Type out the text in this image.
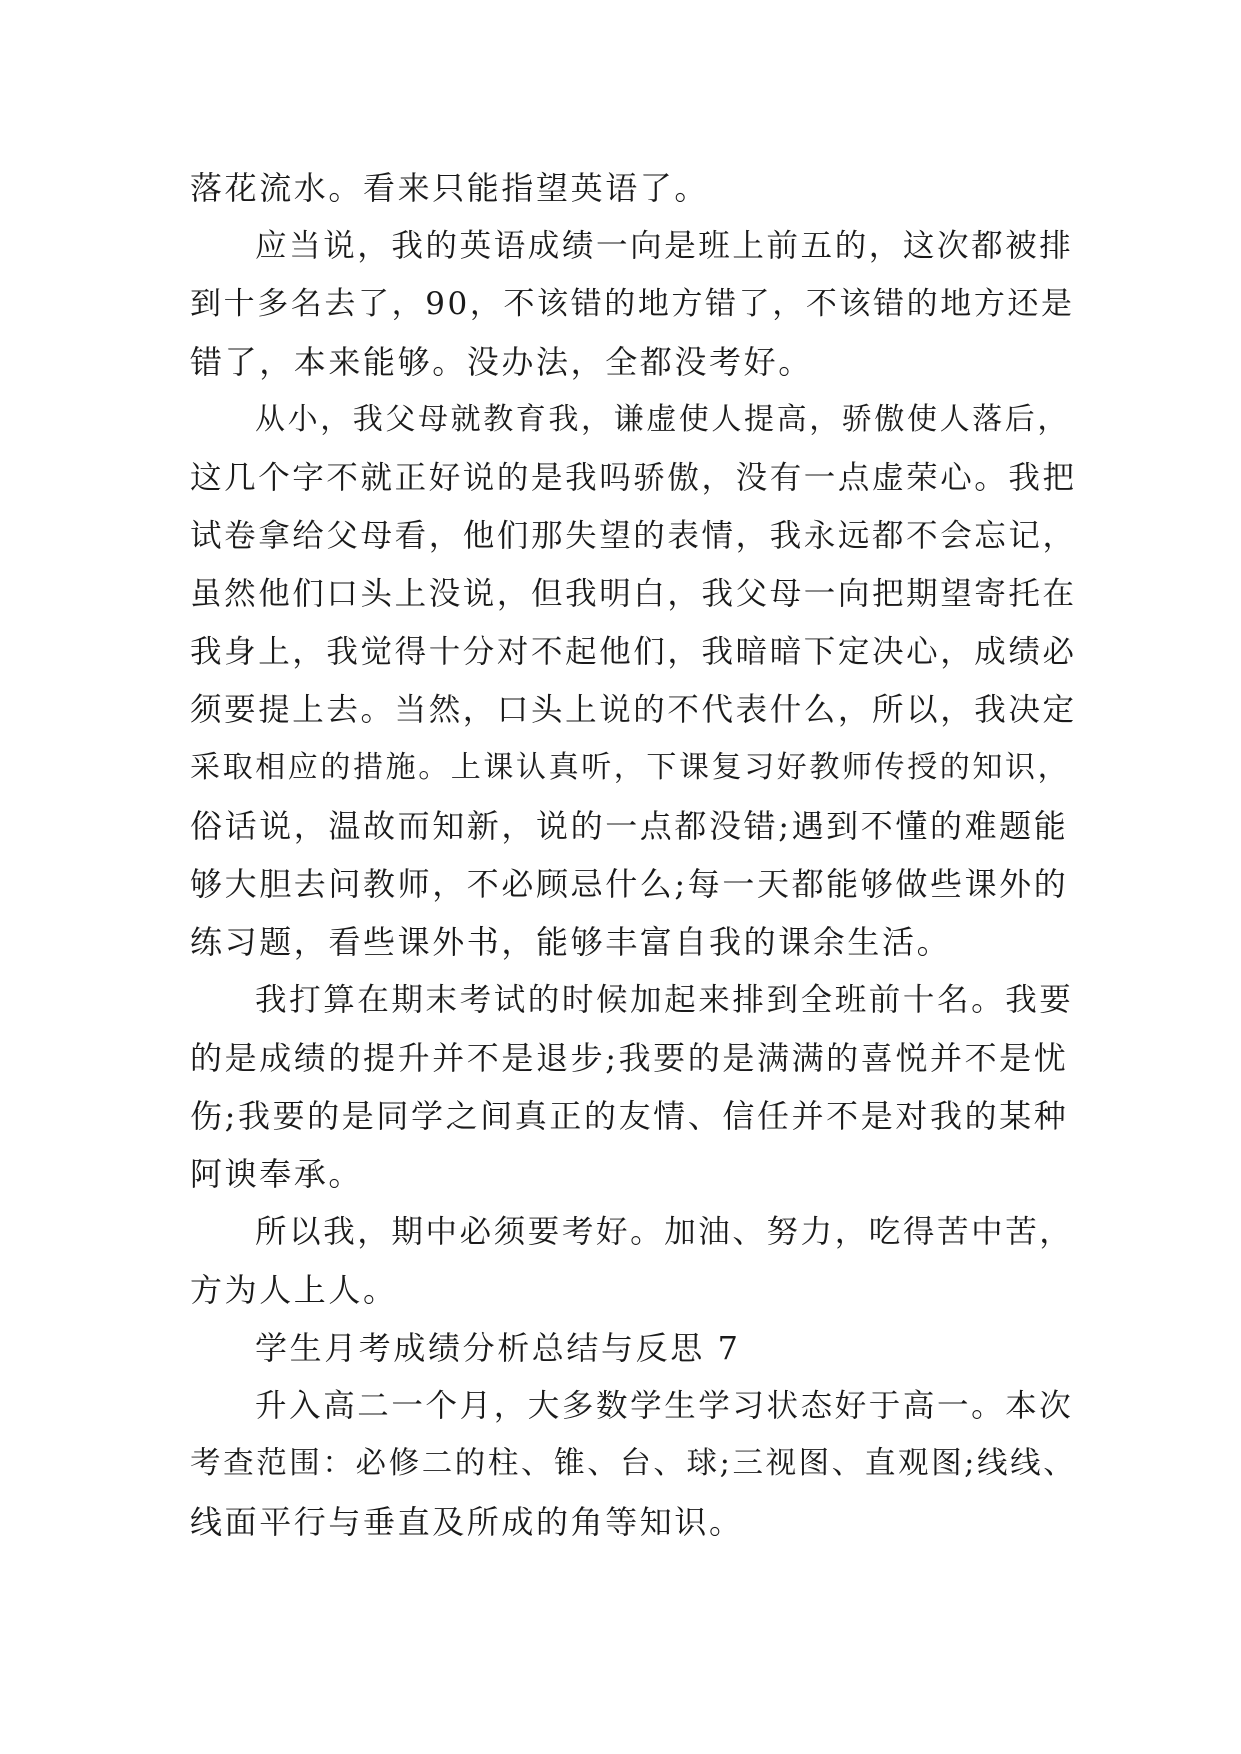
落花流水。看来只能指望英语了。

应当说，我的英语成绩一向是班上前五的，这次都被排

到十多名去了，90，不该错的地方错了，不该错的地方还是

错了，本来能够。没办法，全都没考好。

从小，我父母就教育我，谦虚使人提高，骄傲使人落后，

这几个字不就正好说的是我吗骄傲，没有一点虚荣心。我把

试卷拿给父母看，他们那失望的表情，我永远都不会忘记，

虽然他们口头上没说，但我明白，我父母一向把期望寄托在

我身上，我觉得十分对不起他们，我暗暗下定决心，成绩必

须要提上去。当然，口头上说的不代表什么，所以，我决定

采取相应的措施。上课认真听，下课复习好教师传授的知识，

俗话说，温故而知新，说的一点都没错;遇到不懂的难题能

够大胆去问教师，不必顾忌什么;每一天都能够做些课外的

练习题，看些课外书，能够丰富自我的课余生活。

我打算在期末考试的时候加起来排到全班前十名。我要

的是成绩的提升并不是退步;我要的是满满的喜悦并不是忧

伤;我要的是同学之间真正的友情、信任并不是对我的某种

阿谀奉承。

所以我，期中必须要考好。加油、努力，吃得苦中苦，

方为人上人。

学生月考成绩分析总结与反思 7

升入高二一个月，大多数学生学习状态好于高一。本次

考查范围：必修二的柱、锥、台、球;三视图、直观图;线线、

线面平行与垂直及所成的角等知识。
